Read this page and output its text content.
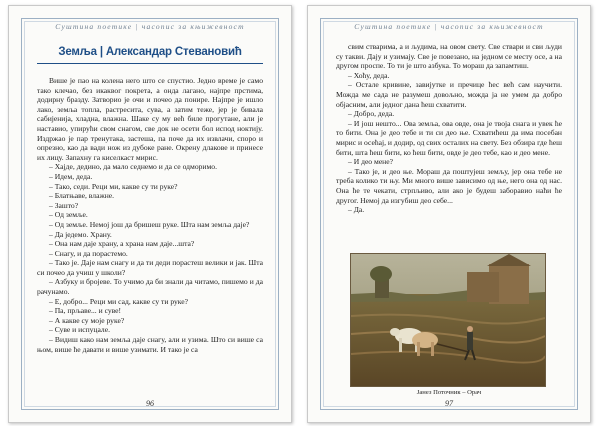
Суштина поетике | часопис за књижевност
Земља | Александар Стевановић

Више је пао на колена него што се спустио. Једно време је само тако клечао, без икаквог покрета, а онда лагано, најпре прстима, додирну бразду. Затворио је очи и почео да понире. Најпре је ишло лако, земља топла, растресита, сува, а затим теже, јер је бивала сабијенија, хладна, влажна. Шаке су му већ биле прогутане, али је наставио, упирући свом снагом, све док не осети бол испод ноктију. Издржао је пар тренутака, застеша, па поче да их извлачи, споро и опрезно, као да вади нож из дубоке ране. Окрену длакове и принесе их лицу. Запахну га киселкаст мирис.

– Хајде, дедино, да мало седнемо и да се одморимо.

– Идем, деда.

– Тако, седи. Реци ми, какве су ти руке?

– Блатњаве, влажне.

– Зашто?

– Од земље.

– Од земље. Немој још да бришеш руке. Шта нам земља даје?

– Да једемо. Храну.

– Она нам даје храну, а храна нам даје...шта?

– Снагу, и да порастемо.

– Тако је. Даје нам снагу и да ти деди порастеш велики и јак. Шта си почео да учиш у школи?

– Азбуку и бројеве. То учимо да би знали да читамо, пишемо и да рачунамо.

– Е, добро... Реци ми сад, какве су ти руке?

– Па, прљаве... и суве!

– А какве су моје руке?

– Суве и испуцале.

– Видиш како нам земља даје снагу, али и узима. Што си више са њом, више ће давати и више узимати. И тако је са

96
Суштина поетике | часопис за књижевност

свим стварима, а и људима, на овом свету. Све ствари и сви људи су такви. Дају и узимају. Све је повезано, на једном се месту осе, а на другом проспе. То ти је што азбука. То мораш да запамтиш.

– Хоћу, деда.

– Остале кривине, завијутке и пречице ћес већ сам научити. Можда ме сада не разумеш довољно, можда ја не умем да добро објасним, али једног дана ћеш схватити.

– Добро, деда.

– И још нешто... Ова земља, ова овде, она је твоја снага и увек ће то бити. Она је део тебе и ти си део ње. Схватићеш да има посебан мирис и осећај, и додир, од свих осталих на свету. Без обзира где ћеш бити, шта ћеш бити, ко ћеш бити, овде је део тебе, као и део мене.

– И део мене?

– Тако је, и део ње. Мораш да поштујеш земљу, јер она тебе не треба колико ти њу. Ми много више зависимо од ње, него она од нас. Она ће те чекати, стрпљиво, али ако је будеш заборавио наћи ће другог. Немој да изгубиш део себе...

– Да.

Јанез Поточник – Орач
97
